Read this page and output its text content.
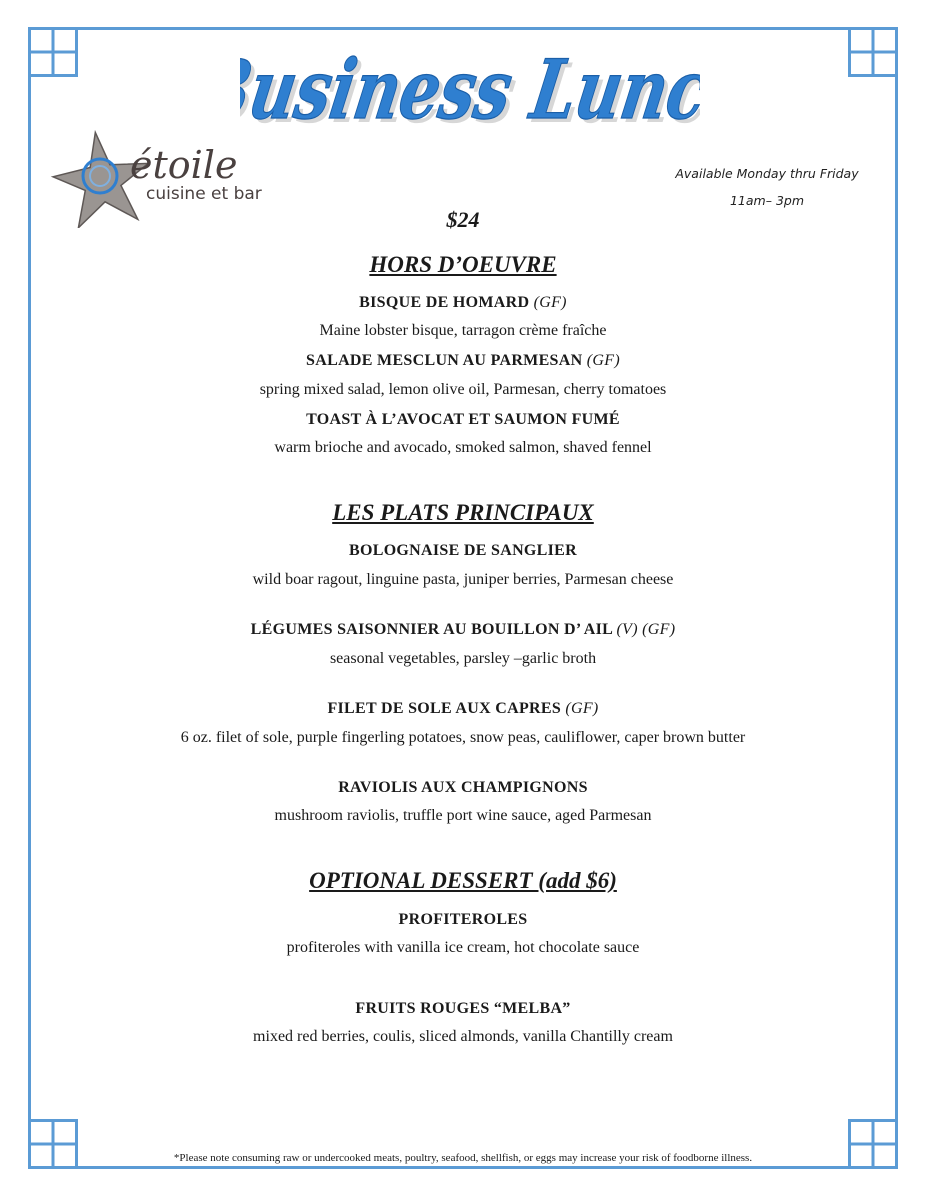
Business Lunch
Business Lunch
étoile
cuisine et bar
Available Monday thru Friday
11am– 3pm
$24
HORS D’OEUVRE
BISQUE DE HOMARD (GF)
Maine lobster bisque, tarragon crème fraîche
SALADE MESCLUN AU PARMESAN (GF)
spring mixed salad, lemon olive oil, Parmesan, cherry tomatoes
TOAST À L’AVOCAT ET SAUMON FUMÉ
warm brioche and avocado, smoked salmon, shaved fennel
LES PLATS PRINCIPAUX
BOLOGNAISE DE SANGLIER
wild boar ragout, linguine pasta, juniper berries, Parmesan cheese
LÉGUMES SAISONNIER AU BOUILLON D’ AIL (V) (GF)
seasonal vegetables, parsley –garlic broth
FILET DE SOLE AUX CAPRES (GF)
6 oz. filet of sole, purple fingerling potatoes, snow peas, cauliflower, caper brown butter
RAVIOLIS AUX CHAMPIGNONS
mushroom raviolis, truffle port wine sauce, aged Parmesan
OPTIONAL DESSERT (add $6)
PROFITEROLES
profiteroles with vanilla ice cream, hot chocolate sauce
FRUITS ROUGES “MELBA”
mixed red berries, coulis, sliced almonds, vanilla Chantilly cream
*Please note consuming raw or undercooked meats, poultry, seafood, shellfish, or eggs may increase your risk of foodborne illness.
